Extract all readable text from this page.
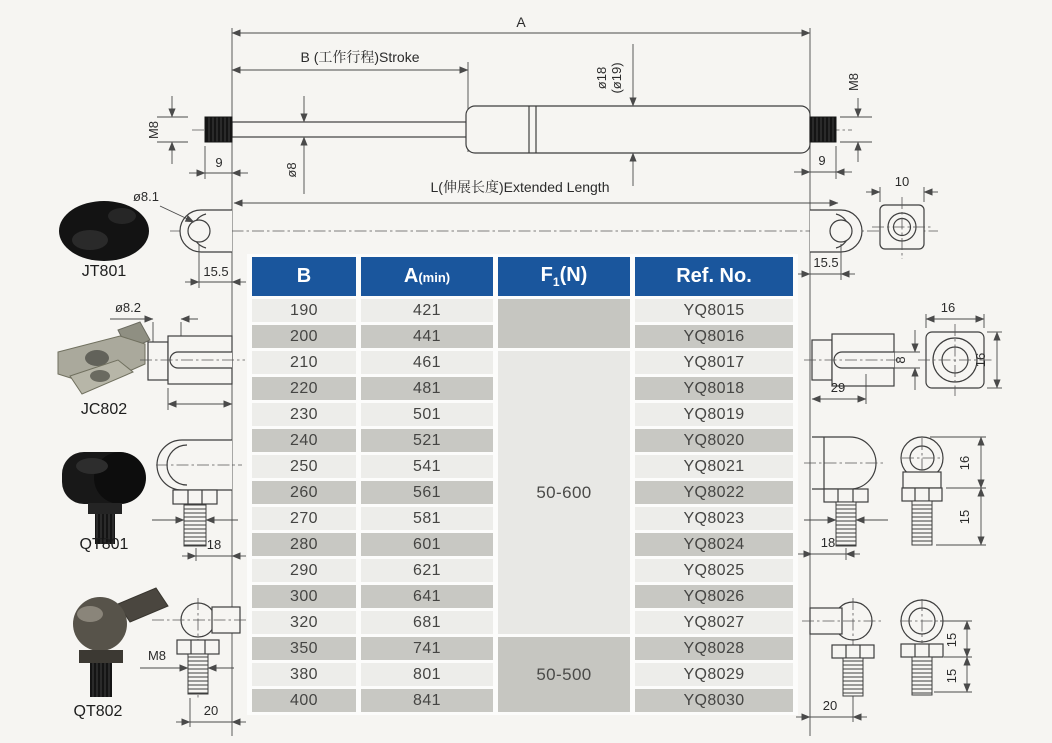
A
B (工作行程)Stroke
M8
9	ø8
ø18 (ø19)	M8
9
L(伸展长度)Extended Length
ø8.1
15.5
15.5
10
JT801
JC802
ø8.2
QT801	18
QT802
M8
20
8
29
16
16
18
16
15
20
15
15
B	A(min)	$F_1(N)$	Ref. No.
190	421		YQ8015
200	441		YQ8016
210	461	50-600	YQ8017
220	481		YQ8018
230	501		YQ8019
240	521		YQ8020
250	541		YQ8021
260	561		YQ8022
270	581		YQ8023
280	601		YQ8024
290	621		YQ8025
300	641		YQ8026
320	681		YQ8027
350	741	50-500	YQ8028
380	801		YQ8029
400	841		YQ8030
